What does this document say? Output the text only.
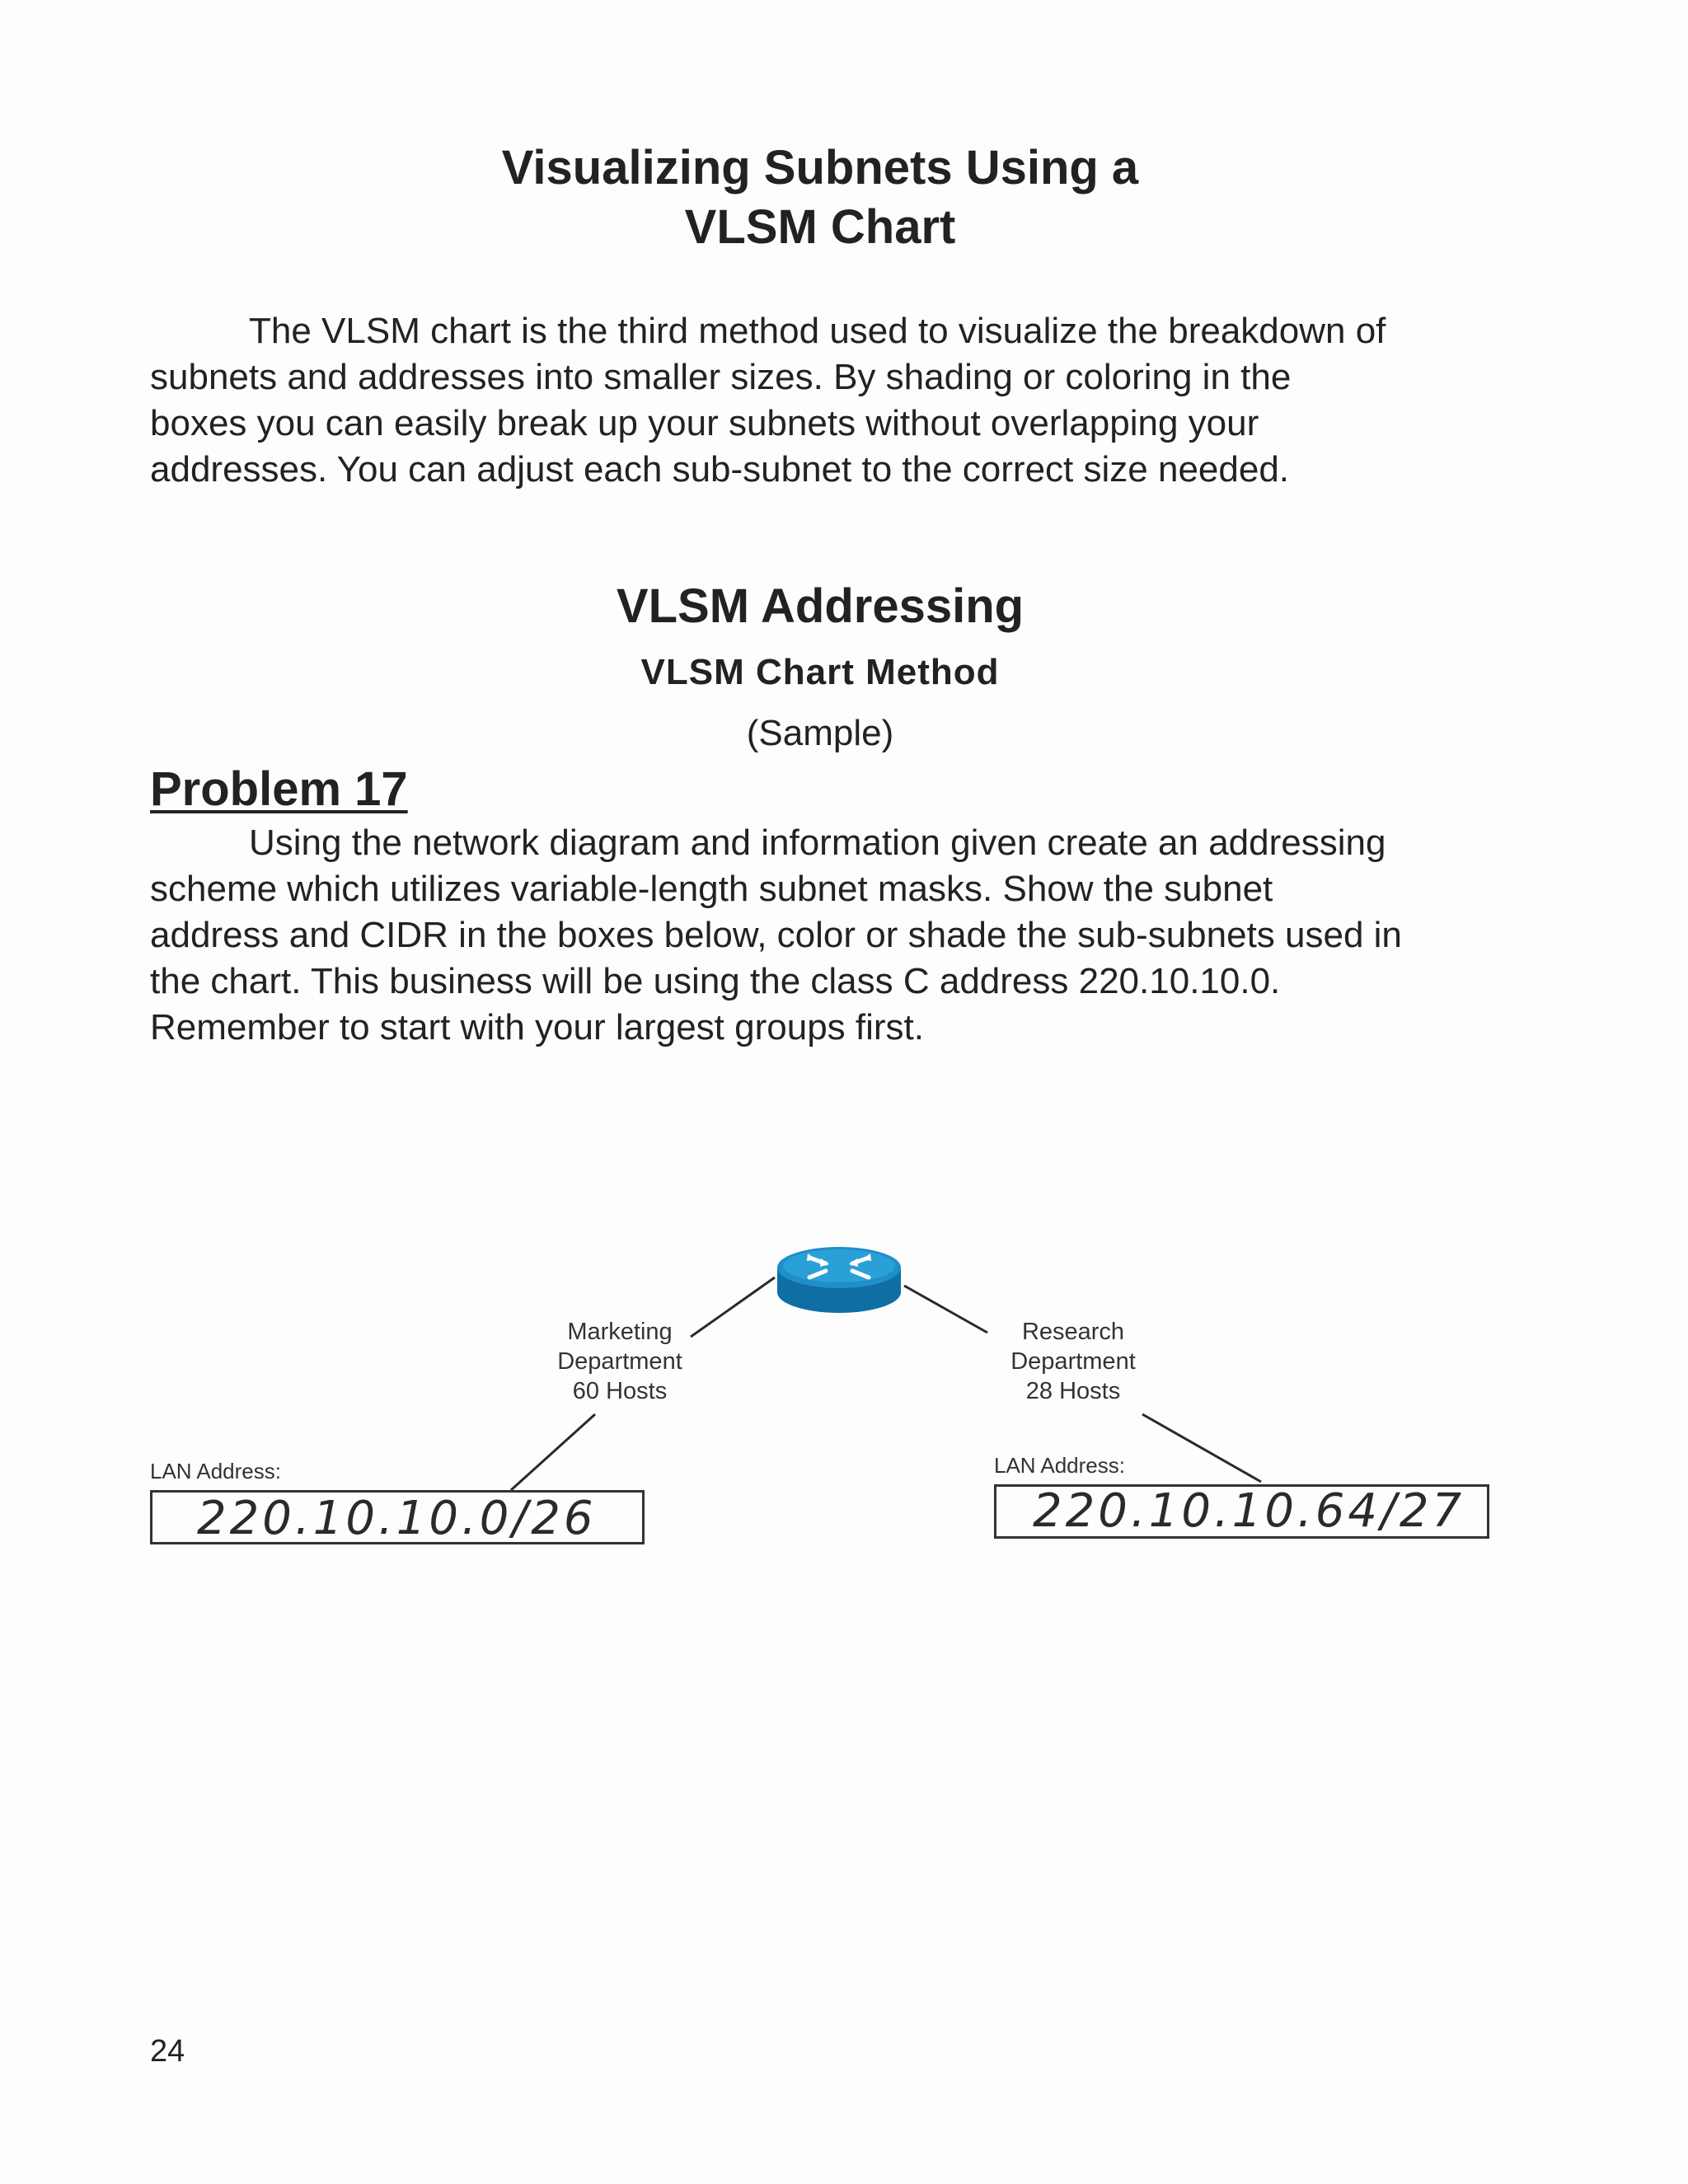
Visualizing Subnets Using a
VLSM Chart
The VLSM chart is the third method used to visualize the breakdown of
subnets and addresses into smaller sizes. By shading or coloring in the
boxes you can easily break up your subnets without overlapping your
addresses. You can adjust each sub-subnet to the correct size needed.
VLSM Addressing
VLSM Chart Method
(Sample)
Problem 17
Using the network diagram and information given create an addressing
scheme which utilizes variable-length subnet masks. Show the subnet
address and CIDR in the boxes below, color or shade the sub-subnets used in
the chart. This business will be using the class C address 220.10.10.0.
Remember to start with your largest groups first.
Marketing
Department
60 Hosts
Research
Department
28 Hosts
LAN Address:
220.10.10.0/26
LAN Address:
220.10.10.64/27
24
